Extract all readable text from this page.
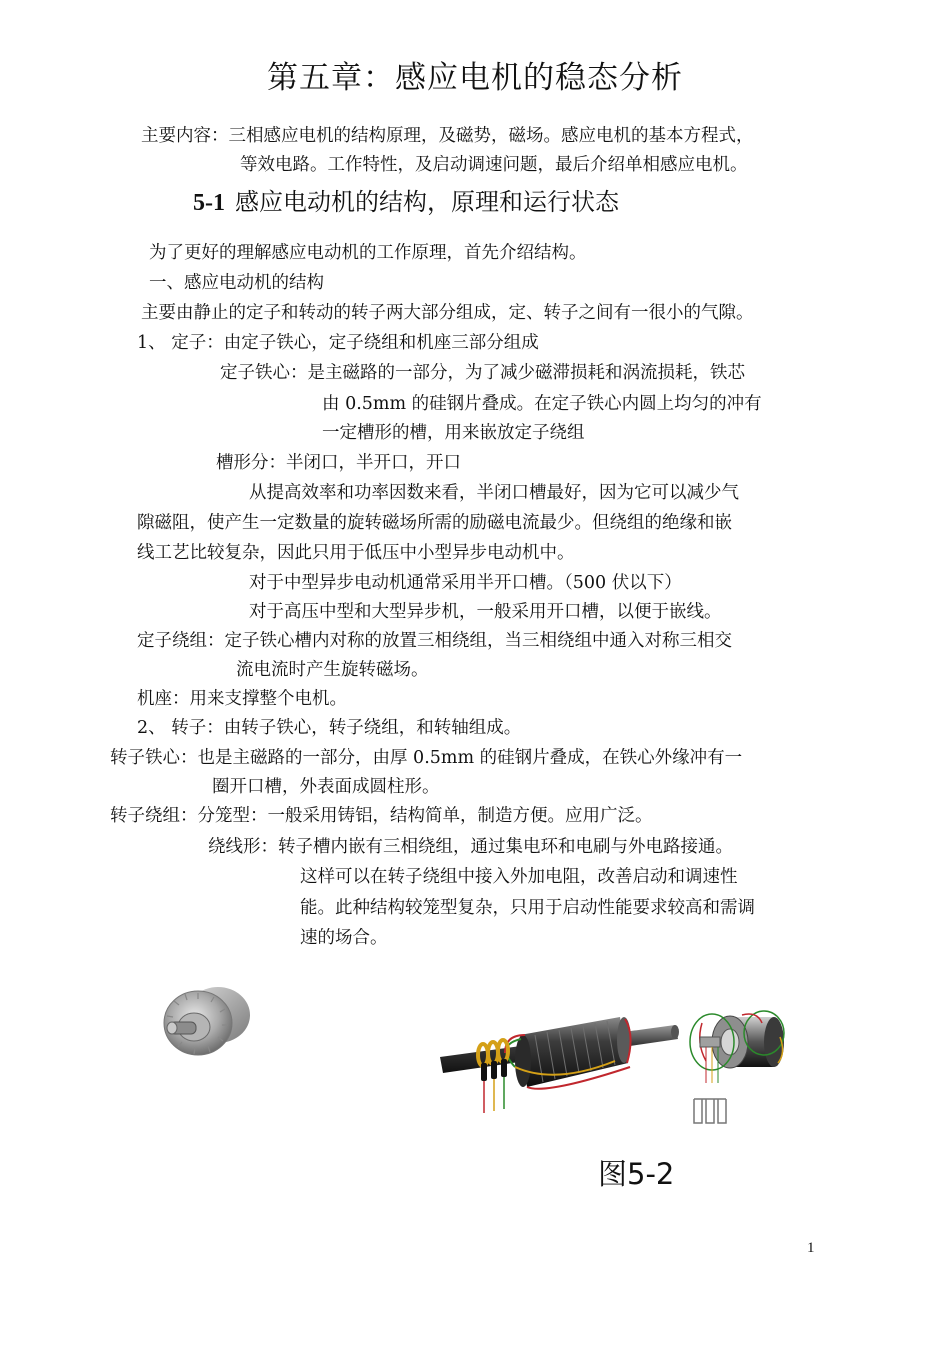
第五章：感应电机的稳态分析
主要内容：三相感应电机的结构原理，及磁势，磁场。感应电机的基本方程式，
等效电路。工作特性，及启动调速问题，最后介绍单相感应电机。
5-1 感应电动机的结构，原理和运行状态
为了更好的理解感应电动机的工作原理，首先介绍结构。
一、感应电动机的结构
主要由静止的定子和转动的转子两大部分组成，定、转子之间有一很小的气隙。
1、 定子：由定子铁心，定子绕组和机座三部分组成
定子铁心：是主磁路的一部分，为了减少磁滞损耗和涡流损耗，铁芯
由 0.5mm 的硅钢片叠成。在定子铁心内圆上均匀的冲有
一定槽形的槽，用来嵌放定子绕组
槽形分：半闭口，半开口，开口
从提高效率和功率因数来看，半闭口槽最好，因为它可以减少气
隙磁阻，使产生一定数量的旋转磁场所需的励磁电流最少。但绕组的绝缘和嵌
线工艺比较复杂，因此只用于低压中小型异步电动机中。
对于中型异步电动机通常采用半开口槽。（500 伏以下）
对于高压中型和大型异步机，一般采用开口槽，以便于嵌线。
定子绕组：定子铁心槽内对称的放置三相绕组，当三相绕组中通入对称三相交
流电流时产生旋转磁场。
机座：用来支撑整个电机。
2、 转子：由转子铁心，转子绕组，和转轴组成。
转子铁心：也是主磁路的一部分，由厚 0.5mm 的硅钢片叠成，在铁心外缘冲有一
圈开口槽，外表面成圆柱形。
转子绕组：分笼型：一般采用铸铝，结构简单，制造方便。应用广泛。
绕线形：转子槽内嵌有三相绕组，通过集电环和电刷与外电路接通。
这样可以在转子绕组中接入外加电阻，改善启动和调速性
能。此种结构较笼型复杂，只用于启动性能要求较高和需调
速的场合。
图5-2
1
